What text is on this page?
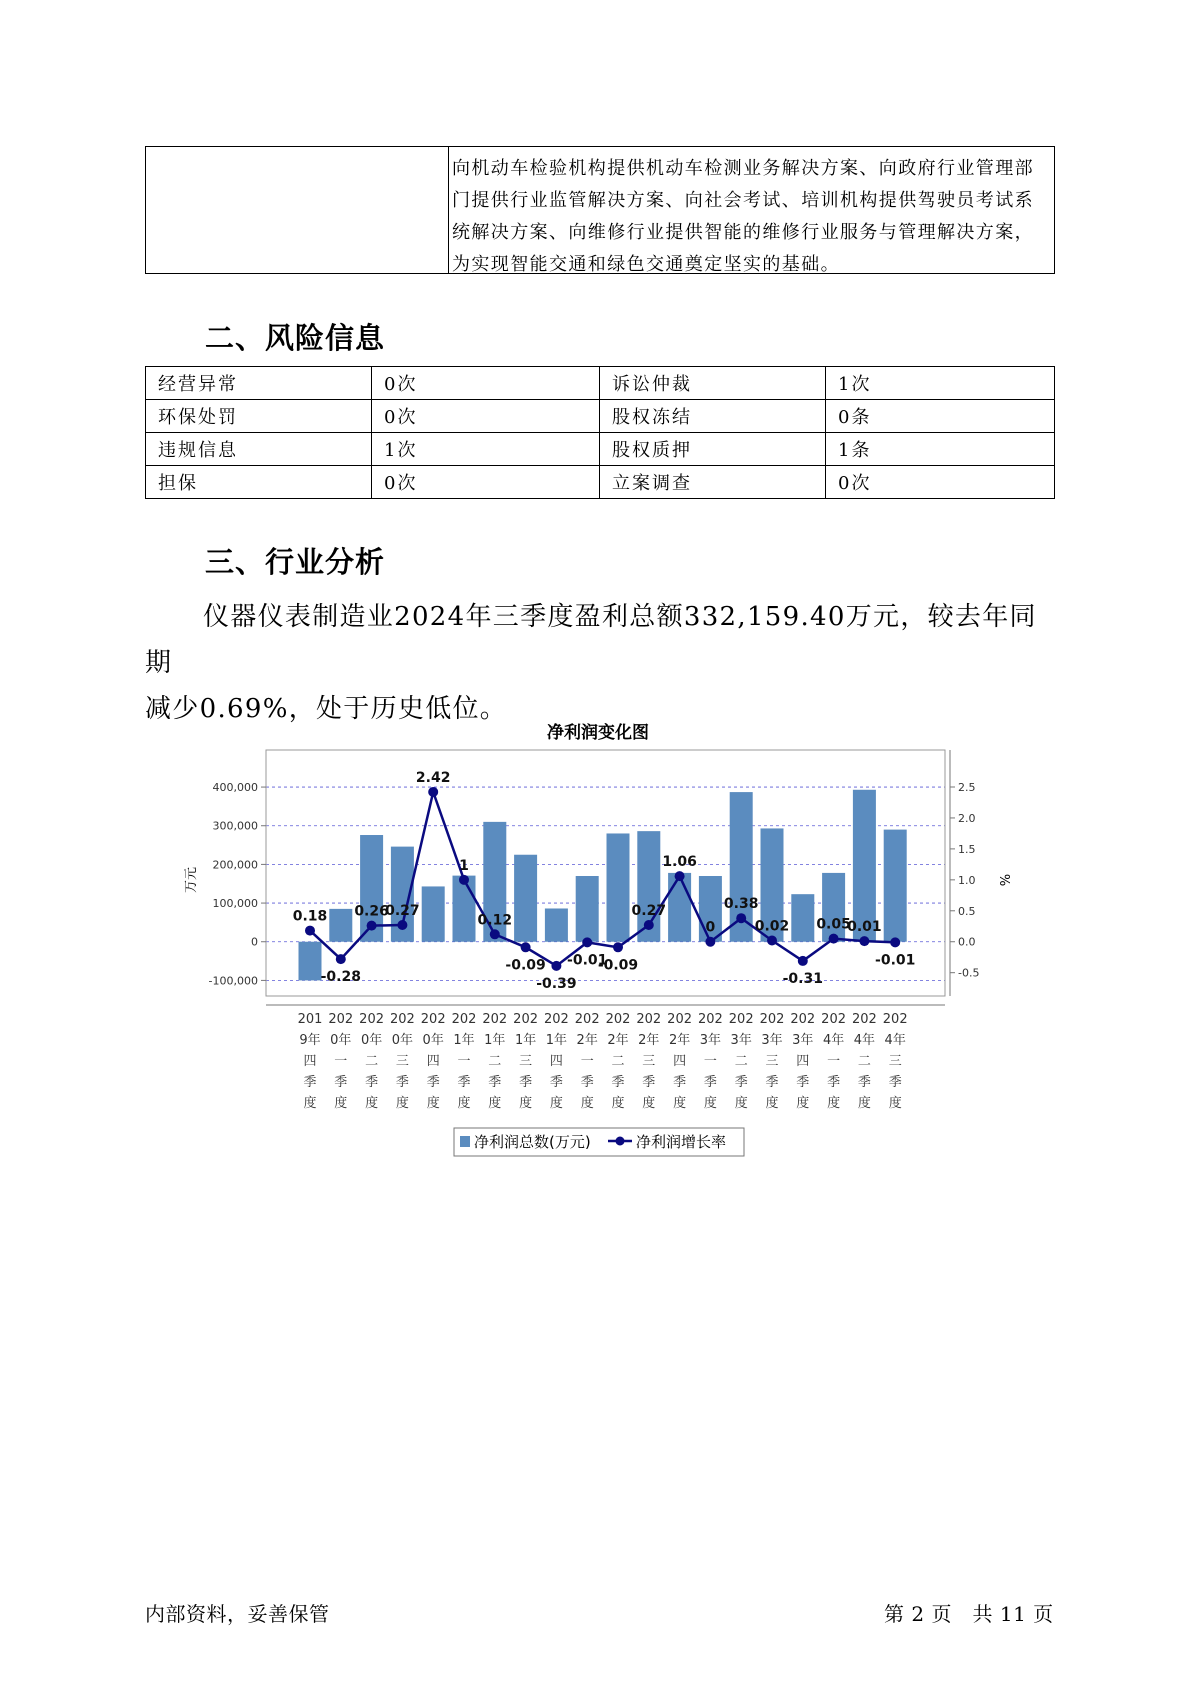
向机动车检验机构提供机动车检测业务解决方案、向政府行业管理部
门提供行业监管解决方案、向社会考试、培训机构提供驾驶员考试系
统解决方案、向维修行业提供智能的维修行业服务与管理解决方案，
为实现智能交通和绿色交通奠定坚实的基础。
二、风险信息
经营异常	0次	诉讼仲裁	1次
环保处罚	0次	股权冻结	0条
违规信息	1次	股权质押	1条
担保	0次	立案调查	0次
三、行业分析
仪器仪表制造业2024年三季度盈利总额332,159.40万元，较去年同期
减少0.69%，处于历史低位。
净利润变化图
万元	%
400,000
300,000
200,000
100,000
0
-100,000
2.5
2.0
1.5
1.0
0.5
0.0
-0.5
201
9年
四
季
度
202
0年
一
季
度
202
0年
二
季
度
202
0年
三
季
度
202
0年
四
季
度
202
1年
一
季
度
202
1年
二
季
度
202
1年
三
季
度
202
1年
四
季
度
202
2年
一
季
度
202
2年
二
季
度
202
2年
三
季
度
202
2年
四
季
度
202
3年
一
季
度
202
3年
二
季
度
202
3年
三
季
度
202
3年
四
季
度
202
4年
一
季
度
202
4年
二
季
度
202
4年
三
季
度
0.18
-0.28
0.26
0.27
2.42
1
0.12
-0.09
-0.39
-0.01
-0.09
0.27
1.06
0
0.38
0.02
-0.31
0.05
0.01
-0.01
净利润总数(万元)	净利润增长率
内部资料，妥善保管	第 2 页   共 11 页
